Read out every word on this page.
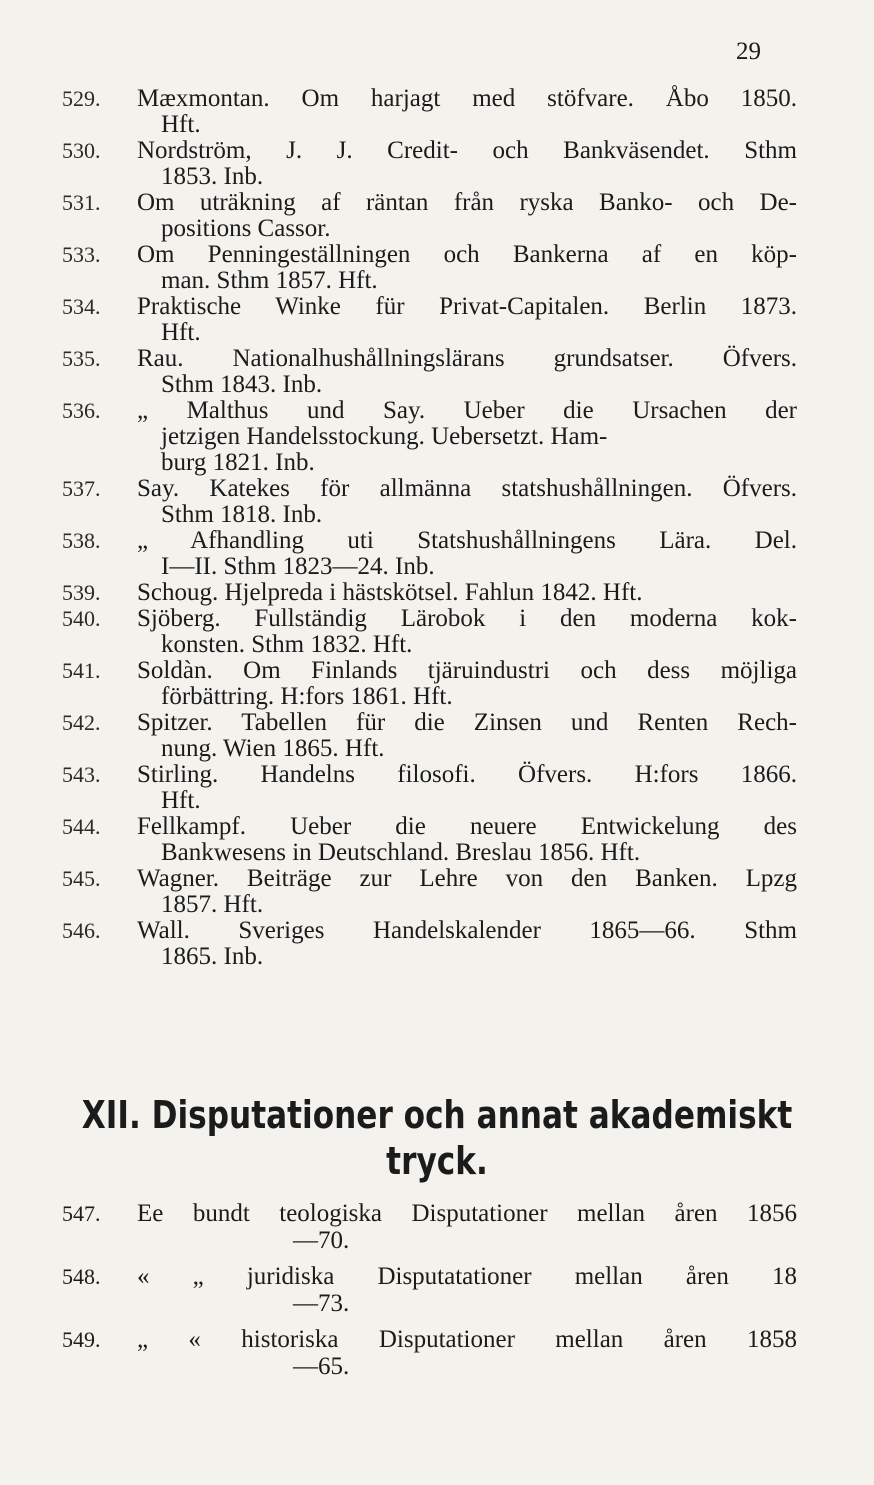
29
529. Mæxmontan. Om harjagt med stöfvare. Åbo 1850.
Hft.
530. Nordström, J. J. Credit- och Bankväsendet. Sthm
1853. Inb.
531. Om uträkning af räntan från ryska Banko- och De-
positions Cassor.
533. Om Penningeställningen och Bankerna af en köp-
man. Sthm 1857. Hft.
534. Praktische Winke für Privat-Capitalen. Berlin 1873.
Hft.
535. Rau. Nationalhushållningslärans grundsatser. Öfvers.
Sthm 1843. Inb.
536. „ Malthus und Say. Ueber die Ursachen der
jetzigen Handelsstockung. Uebersetzt. Ham-
burg 1821. Inb.
537. Say. Katekes för allmänna statshushållningen. Öfvers.
Sthm 1818. Inb.
538. „ Afhandling uti Statshushållningens Lära. Del.
I—II. Sthm 1823—24. Inb.
539. Schoug. Hjelpreda i hästskötsel. Fahlun 1842. Hft.
540. Sjöberg. Fullständig Lärobok i den moderna kok-
konsten. Sthm 1832. Hft.
541. Soldàn. Om Finlands tjäruindustri och dess möjliga
förbättring. H:fors 1861. Hft.
542. Spitzer. Tabellen für die Zinsen und Renten Rech-
nung. Wien 1865. Hft.
543. Stirling. Handelns filosofi. Öfvers. H:fors 1866.
Hft.
544. Fellkampf. Ueber die neuere Entwickelung des
Bankwesens in Deutschland. Breslau 1856. Hft.
545. Wagner. Beiträge zur Lehre von den Banken. Lpzg
1857. Hft.
546. Wall. Sveriges Handelskalender 1865—66. Sthm
1865. Inb.
XII. Disputationer och annat akademiskt
tryck.
547. Ee bundt teologiska Disputationer mellan åren 1856
—70.
548. « „ juridiska Disputatationer mellan åren 18
—73.
549. „ « historiska Disputationer mellan åren 1858
—65.
